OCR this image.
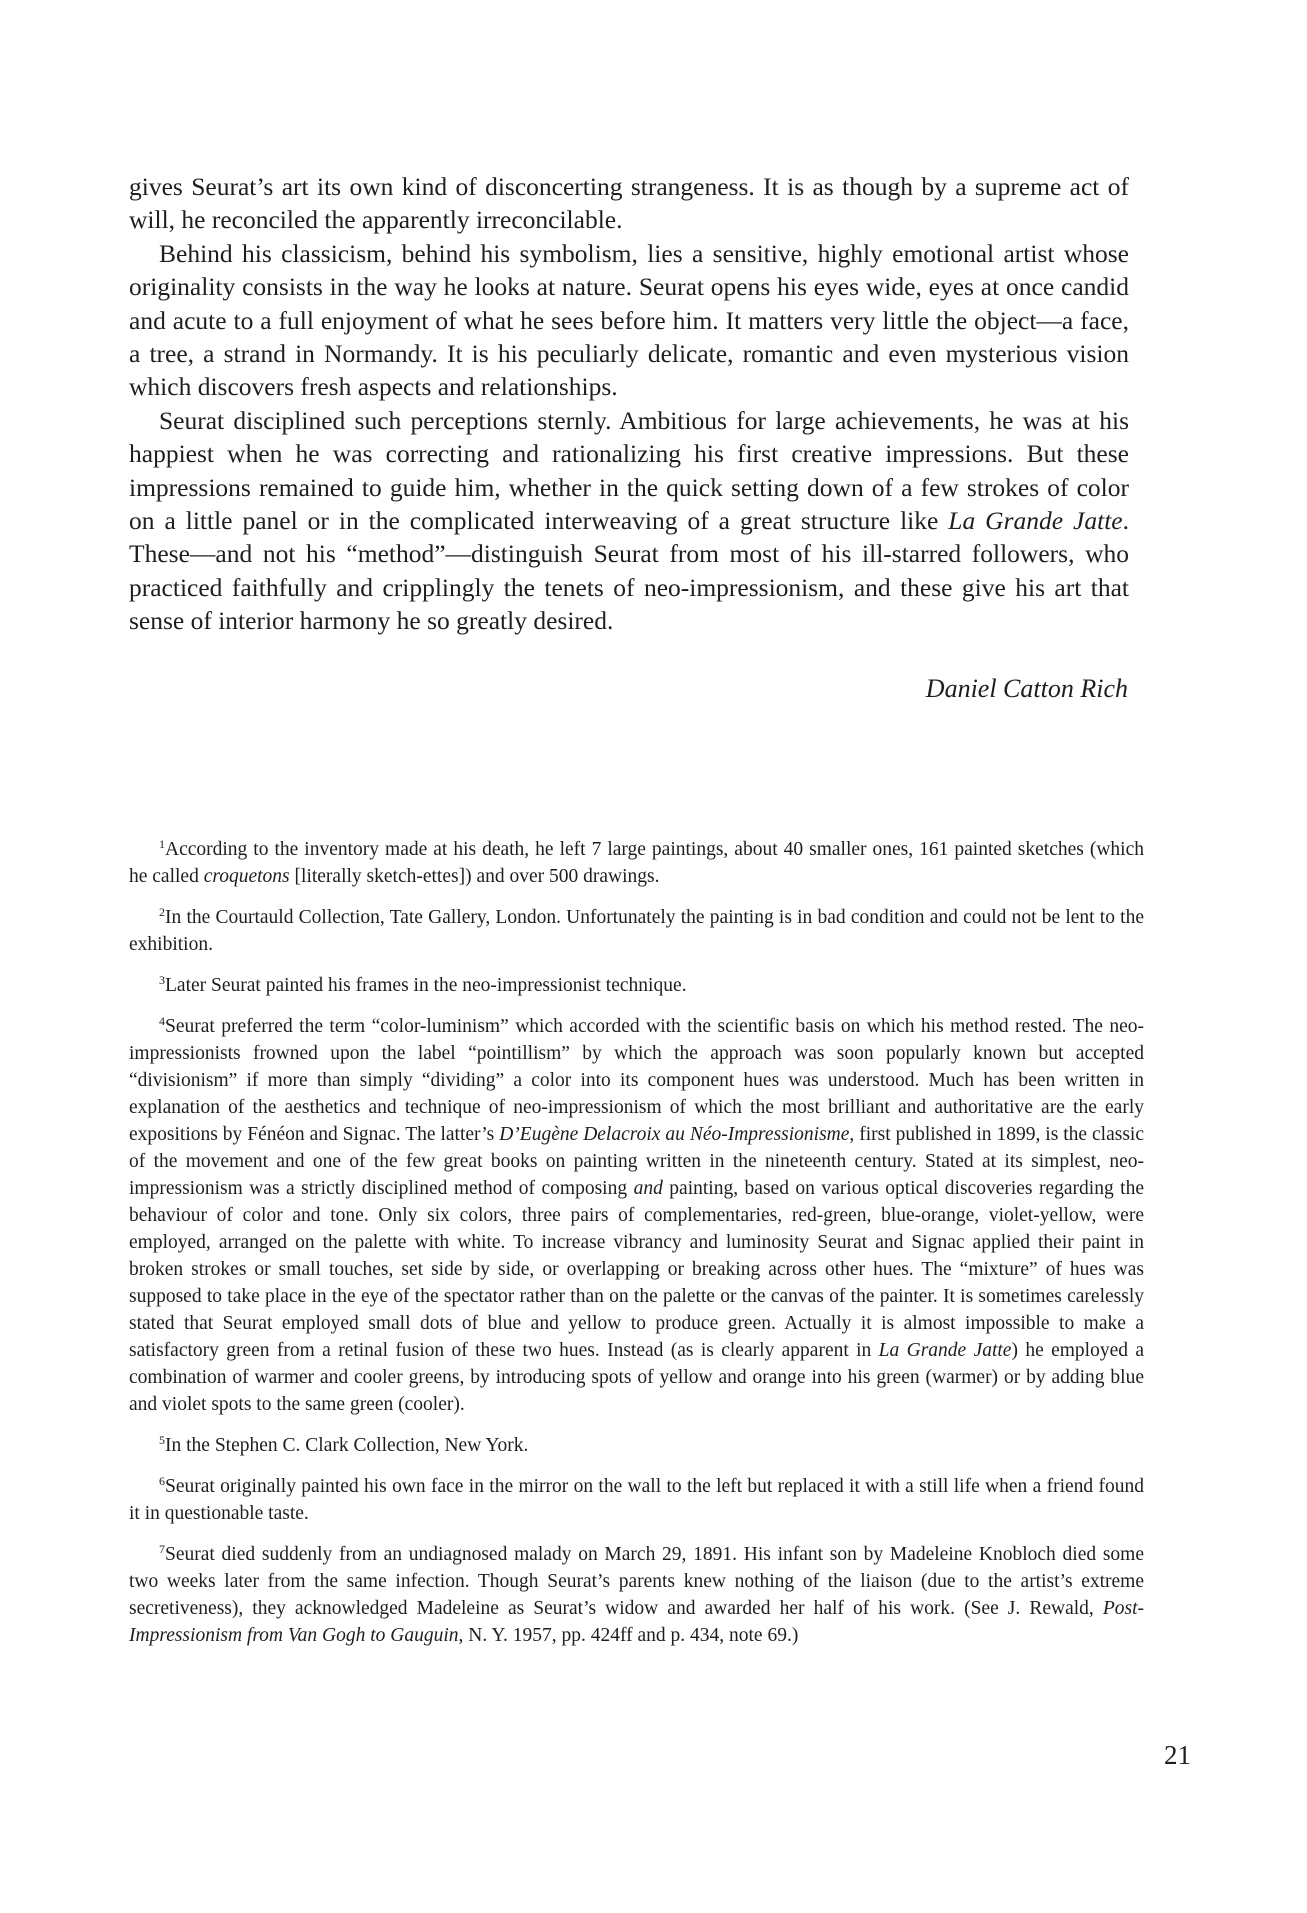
gives Seurat’s art its own kind of disconcerting strangeness. It is as though by a supreme act of will, he reconciled the apparently irreconcilable.

Behind his classicism, behind his symbolism, lies a sensitive, highly emotional artist whose originality consists in the way he looks at nature. Seurat opens his eyes wide, eyes at once candid and acute to a full enjoyment of what he sees before him. It matters very little the object—a face, a tree, a strand in Normandy. It is his peculiarly delicate, romantic and even mysterious vision which discovers fresh aspects and relationships.

Seurat disciplined such perceptions sternly. Ambitious for large achievements, he was at his happiest when he was correcting and rationalizing his first creative impressions. But these impressions remained to guide him, whether in the quick setting down of a few strokes of color on a little panel or in the complicated interweaving of a great structure like La Grande Jatte. These—and not his “method”—distinguish Seurat from most of his ill-starred followers, who practiced faithfully and cripplingly the tenets of neo-impressionism, and these give his art that sense of interior harmony he so greatly desired.

Daniel Catton Rich

$^1$According to the inventory made at his death, he left 7 large paintings, about 40 smaller ones, 161 painted sketches (which he called croquetons [literally sketch-ettes]) and over 500 drawings.

$^2$In the Courtauld Collection, Tate Gallery, London. Unfortunately the painting is in bad condition and could not be lent to the exhibition.

$^3$Later Seurat painted his frames in the neo-impressionist technique.

$^4$Seurat preferred the term “color-luminism” which accorded with the scientific basis on which his method rested. The neo-impressionists frowned upon the label “pointillism” by which the approach was soon popularly known but accepted “divisionism” if more than simply “dividing” a color into its component hues was understood. Much has been written in explanation of the aesthetics and technique of neo-impressionism of which the most brilliant and authoritative are the early expositions by Fénéon and Signac. The latter’s D’Eugène Delacroix au Néo-Impressionisme, first published in 1899, is the classic of the movement and one of the few great books on painting written in the nineteenth century. Stated at its simplest, neo-impressionism was a strictly disciplined method of composing and painting, based on various optical discoveries regarding the behaviour of color and tone. Only six colors, three pairs of complementaries, red-green, blue-orange, violet-yellow, were employed, arranged on the palette with white. To increase vibrancy and luminosity Seurat and Signac applied their paint in broken strokes or small touches, set side by side, or overlapping or breaking across other hues. The “mixture” of hues was supposed to take place in the eye of the spectator rather than on the palette or the canvas of the painter. It is sometimes carelessly stated that Seurat employed small dots of blue and yellow to produce green. Actually it is almost impossible to make a satisfactory green from a retinal fusion of these two hues. Instead (as is clearly apparent in La Grande Jatte) he employed a combination of warmer and cooler greens, by introducing spots of yellow and orange into his green (warmer) or by adding blue and violet spots to the same green (cooler).

$^5$In the Stephen C. Clark Collection, New York.

$^6$Seurat originally painted his own face in the mirror on the wall to the left but replaced it with a still life when a friend found it in questionable taste.

$^7$Seurat died suddenly from an undiagnosed malady on March 29, 1891. His infant son by Madeleine Knobloch died some two weeks later from the same infection. Though Seurat’s parents knew nothing of the liaison (due to the artist’s extreme secretiveness), they acknowledged Madeleine as Seurat’s widow and awarded her half of his work. (See J. Rewald, Post-Impressionism from Van Gogh to Gauguin, N. Y. 1957, pp. 424ff and p. 434, note 69.)

21
